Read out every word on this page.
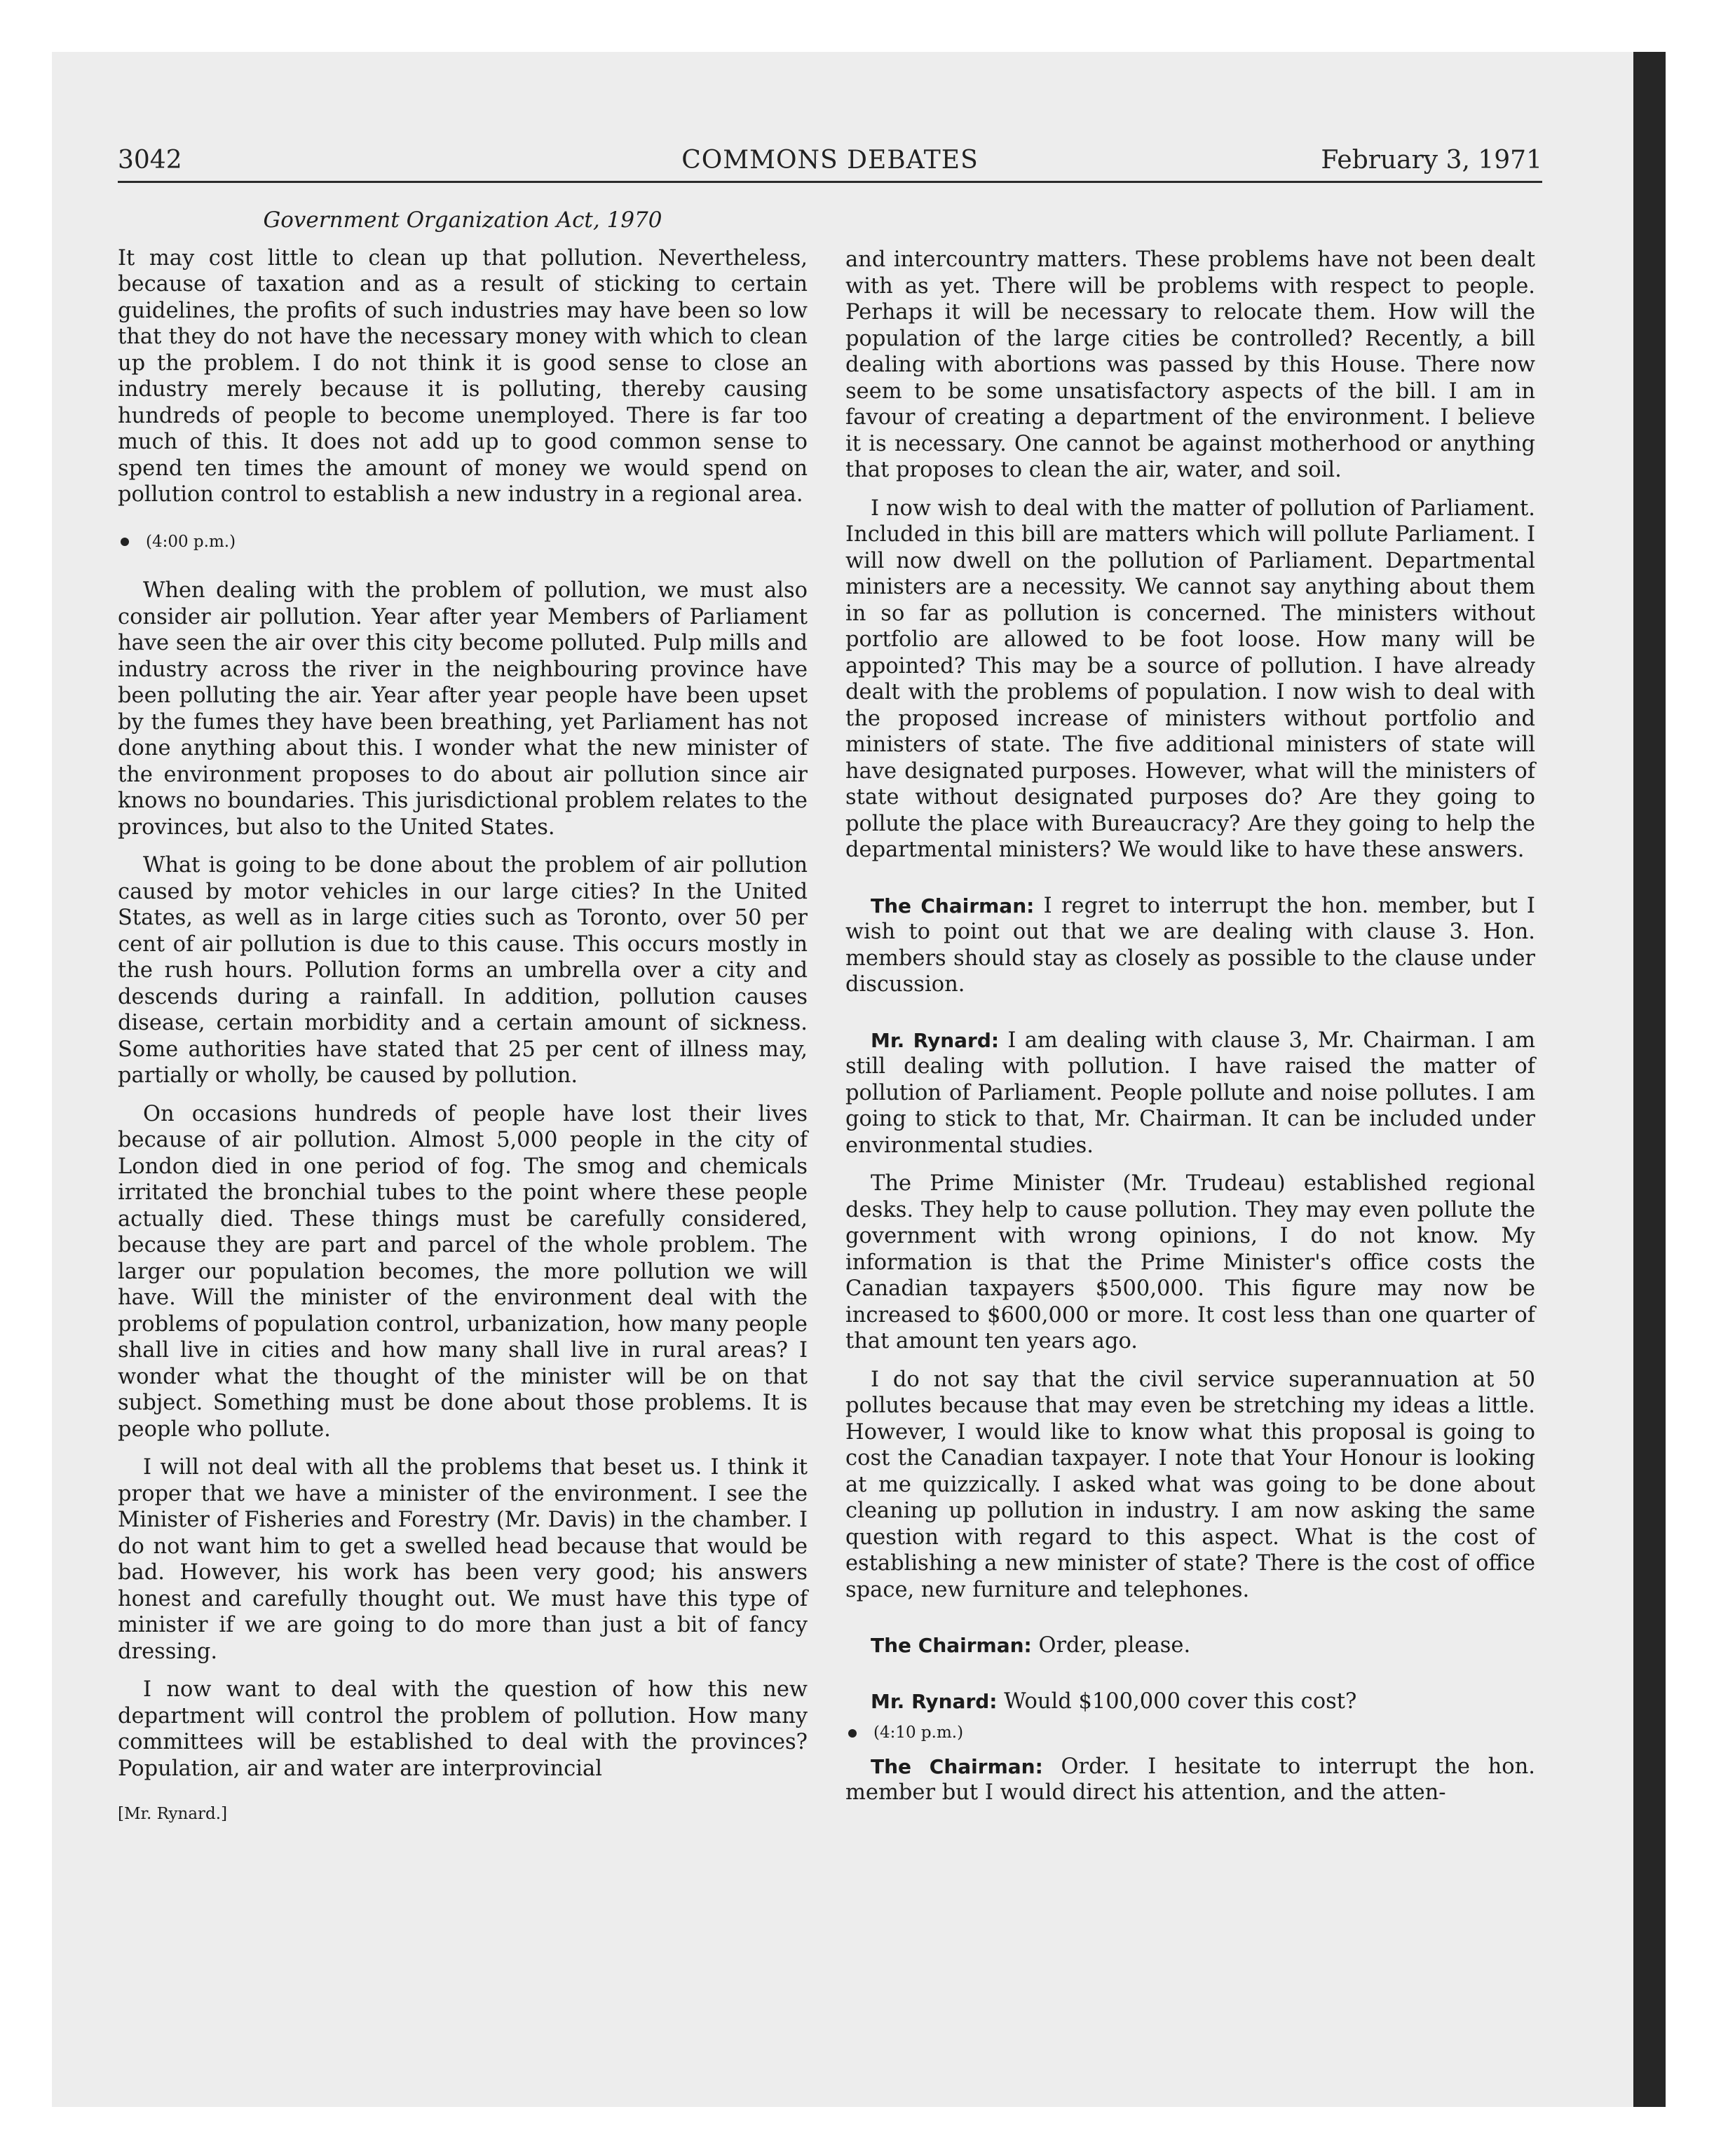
3042	COMMONS DEBATES	February 3, 1971
Government Organization Act, 1970

It may cost little to clean up that pollution. Nevertheless, because of taxation and as a result of sticking to certain guidelines, the profits of such industries may have been so low that they do not have the necessary money with which to clean up the problem. I do not think it is good sense to close an industry merely because it is polluting, thereby causing hundreds of people to become unemployed. There is far too much of this. It does not add up to good common sense to spend ten times the amount of money we would spend on pollution control to establish a new industry in a regional area.

(4:00 p.m.)

When dealing with the problem of pollution, we must also consider air pollution. Year after year Members of Parliament have seen the air over this city become polluted. Pulp mills and industry across the river in the neighbouring province have been polluting the air. Year after year people have been upset by the fumes they have been breathing, yet Parliament has not done anything about this. I wonder what the new minister of the environment proposes to do about air pollution since air knows no boundaries. This jurisdictional problem relates to the provinces, but also to the United States.

What is going to be done about the problem of air pollution caused by motor vehicles in our large cities? In the United States, as well as in large cities such as Toronto, over 50 per cent of air pollution is due to this cause. This occurs mostly in the rush hours. Pollution forms an umbrella over a city and descends during a rainfall. In addition, pollution causes disease, certain morbidity and a certain amount of sickness. Some authorities have stated that 25 per cent of illness may, partially or wholly, be caused by pollution.

On occasions hundreds of people have lost their lives because of air pollution. Almost 5,000 people in the city of London died in one period of fog. The smog and chemicals irritated the bronchial tubes to the point where these people actually died. These things must be carefully considered, because they are part and parcel of the whole problem. The larger our population becomes, the more pollution we will have. Will the minister of the environment deal with the problems of population control, urbanization, how many people shall live in cities and how many shall live in rural areas? I wonder what the thought of the minister will be on that subject. Something must be done about those problems. It is people who pollute.

I will not deal with all the problems that beset us. I think it proper that we have a minister of the environment. I see the Minister of Fisheries and Forestry (Mr. Davis) in the chamber. I do not want him to get a swelled head because that would be bad. However, his work has been very good; his answers honest and carefully thought out. We must have this type of minister if we are going to do more than just a bit of fancy dressing.

I now want to deal with the question of how this new department will control the problem of pollution. How many committees will be established to deal with the provinces? Population, air and water are interprovincial

[Mr. Rynard.]

and intercountry matters. These problems have not been dealt with as yet. There will be problems with respect to people. Perhaps it will be necessary to relocate them. How will the population of the large cities be controlled? Recently, a bill dealing with abortions was passed by this House. There now seem to be some unsatisfactory aspects of the bill. I am in favour of creating a department of the environment. I believe it is necessary. One cannot be against motherhood or anything that proposes to clean the air, water, and soil.

I now wish to deal with the matter of pollution of Parliament. Included in this bill are matters which will pollute Parliament. I will now dwell on the pollution of Parliament. Departmental ministers are a necessity. We cannot say anything about them in so far as pollution is concerned. The ministers without portfolio are allowed to be foot loose. How many will be appointed? This may be a source of pollution. I have already dealt with the problems of population. I now wish to deal with the proposed increase of ministers without portfolio and ministers of state. The five additional ministers of state will have designated purposes. However, what will the ministers of state without designated purposes do? Are they going to pollute the place with Bureaucracy? Are they going to help the departmental ministers? We would like to have these answers.

The Chairman: I regret to interrupt the hon. member, but I wish to point out that we are dealing with clause 3. Hon. members should stay as closely as possible to the clause under discussion.

Mr. Rynard: I am dealing with clause 3, Mr. Chairman. I am still dealing with pollution. I have raised the matter of pollution of Parliament. People pollute and noise pollutes. I am going to stick to that, Mr. Chairman. It can be included under environmental studies.

The Prime Minister (Mr. Trudeau) established regional desks. They help to cause pollution. They may even pollute the government with wrong opinions, I do not know. My information is that the Prime Minister's office costs the Canadian taxpayers $500,000. This figure may now be increased to $600,000 or more. It cost less than one quarter of that amount ten years ago.

I do not say that the civil service superannuation at 50 pollutes because that may even be stretching my ideas a little. However, I would like to know what this proposal is going to cost the Canadian taxpayer. I note that Your Honour is looking at me quizzically. I asked what was going to be done about cleaning up pollution in industry. I am now asking the same question with regard to this aspect. What is the cost of establishing a new minister of state? There is the cost of office space, new furniture and telephones.

The Chairman: Order, please.

Mr. Rynard: Would $100,000 cover this cost?

(4:10 p.m.)

The Chairman: Order. I hesitate to interrupt the hon. member but I would direct his attention, and the atten-
